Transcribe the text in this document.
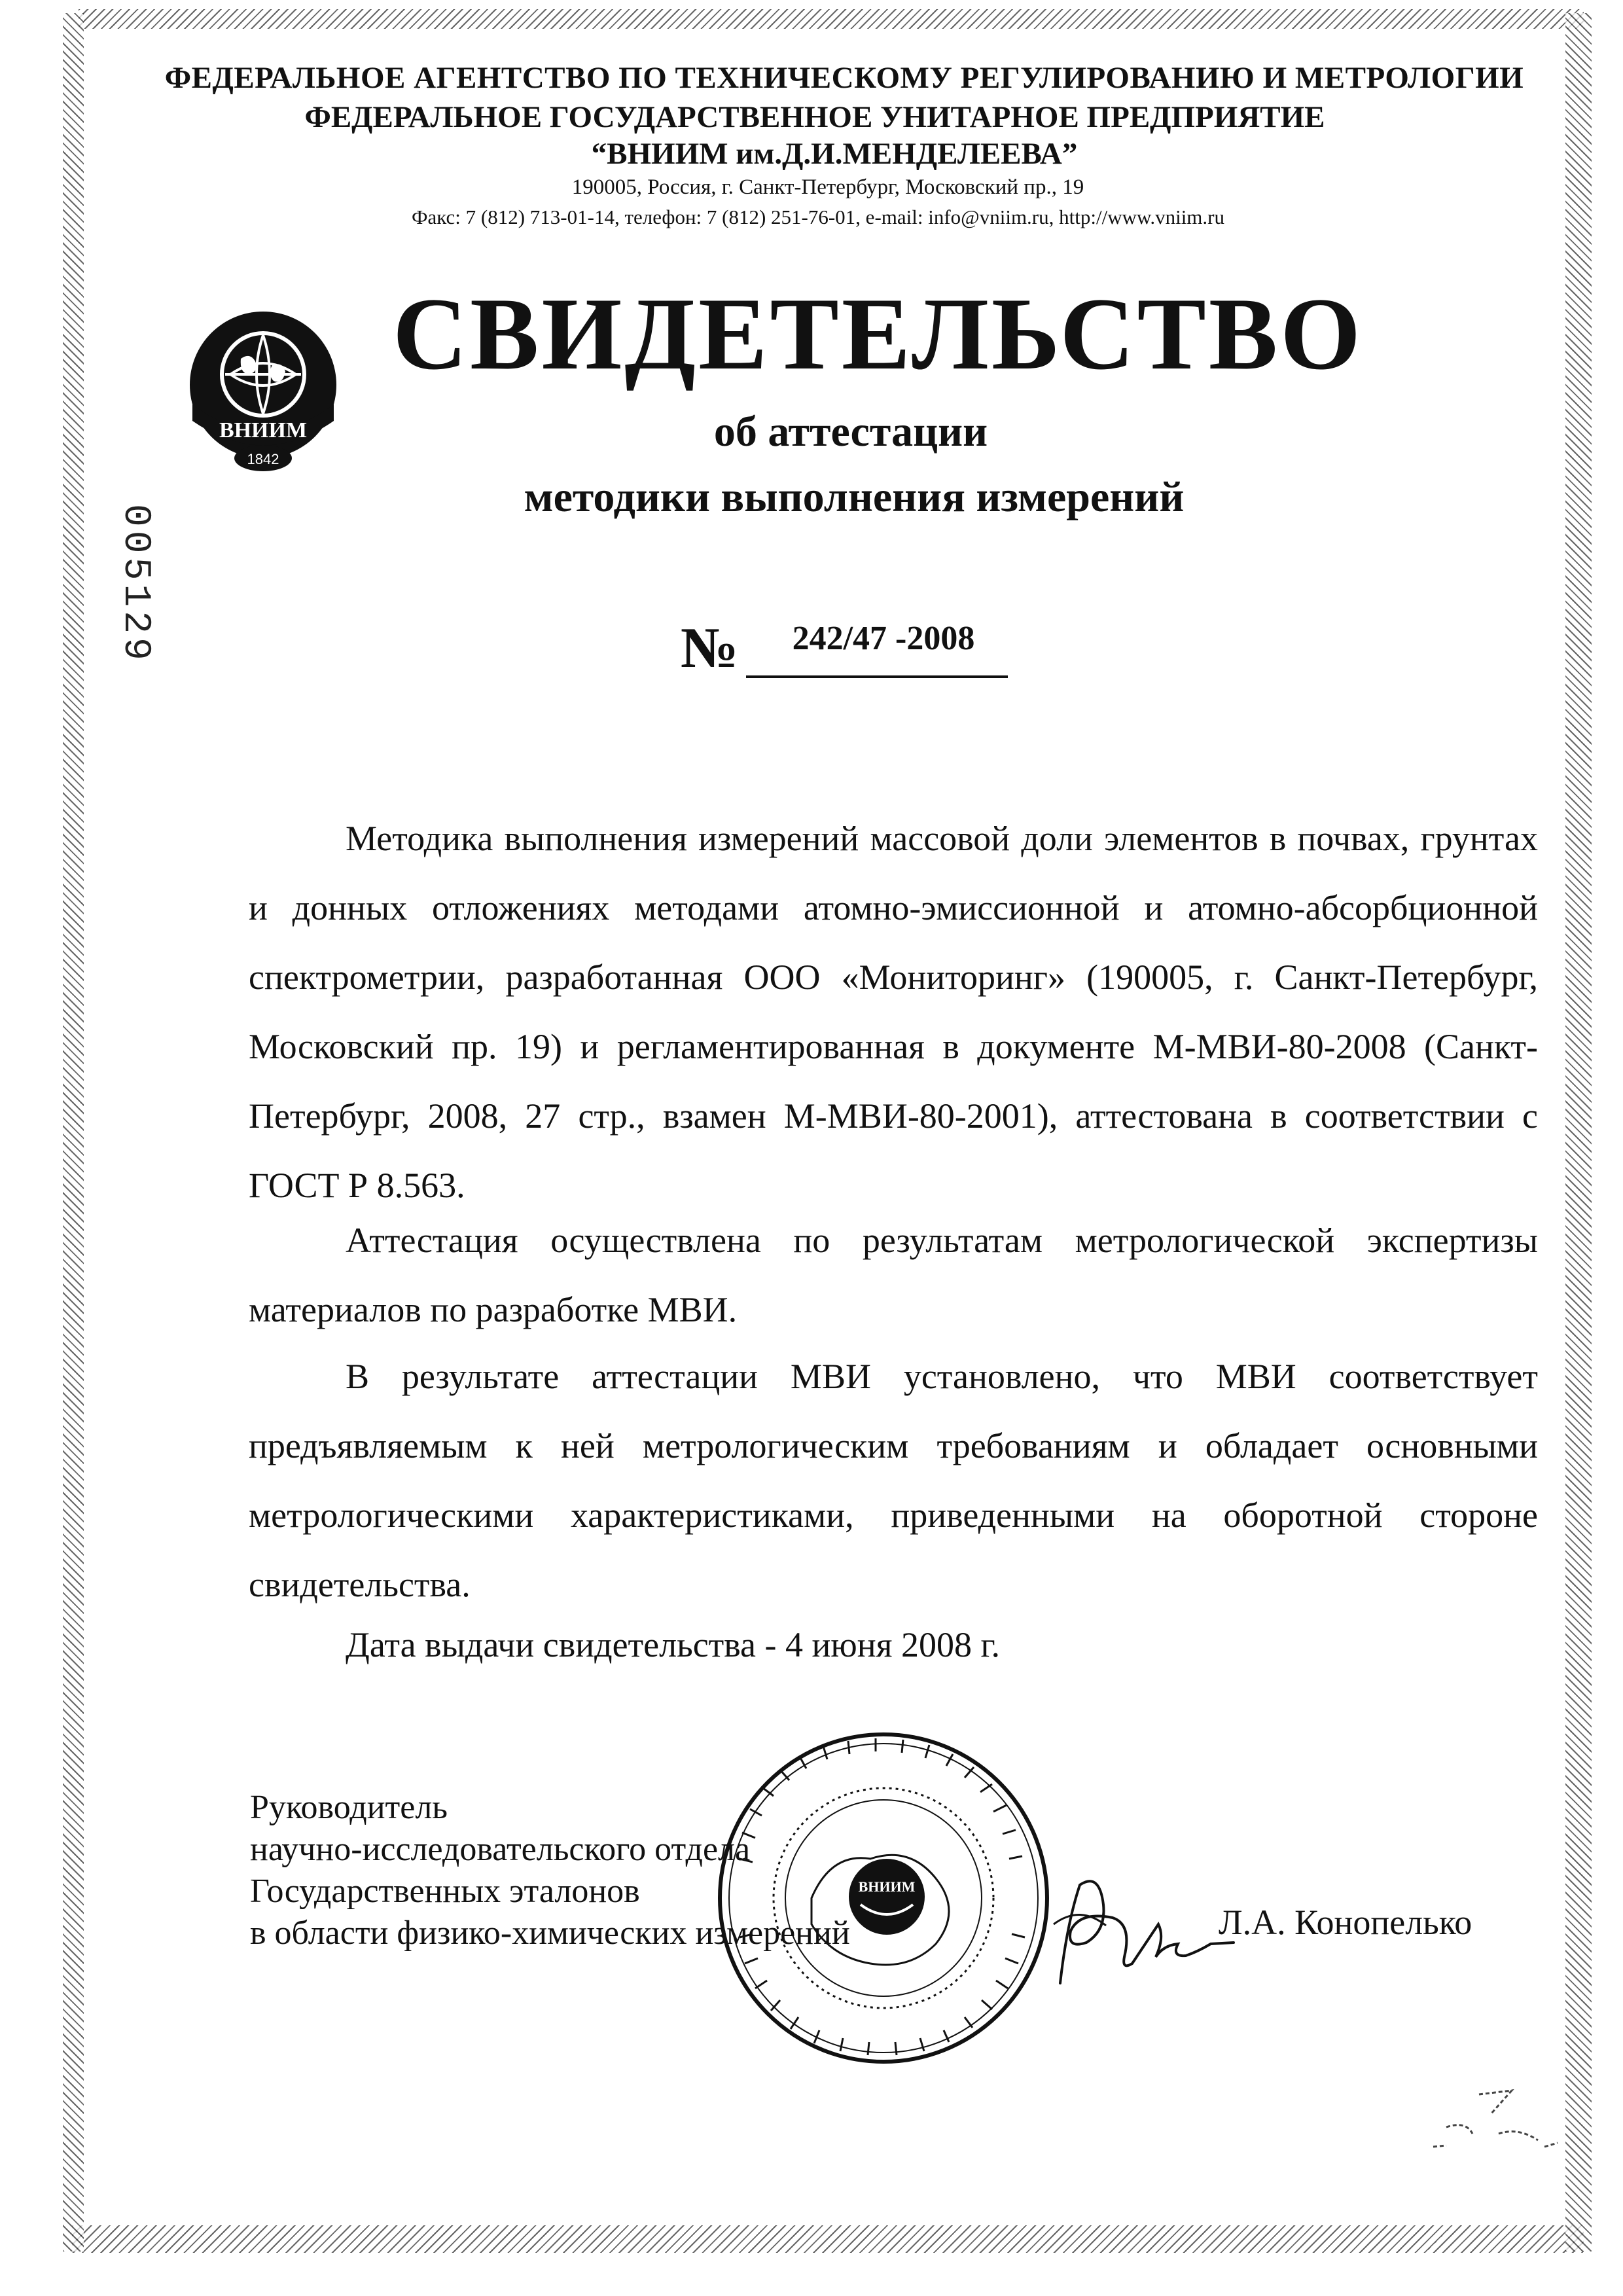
ФЕДЕРАЛЬНОЕ АГЕНТСТВО ПО ТЕХНИЧЕСКОМУ РЕГУЛИРОВАНИЮ И МЕТРОЛОГИИ
ФЕДЕРАЛЬНОЕ ГОСУДАРСТВЕННОЕ УНИТАРНОЕ ПРЕДПРИЯТИЕ
“ВНИИМ им.Д.И.МЕНДЕЛЕЕВА”
190005, Россия, г. Санкт-Петербург, Московский пр., 19
Факс: 7 (812) 713-01-14, телефон: 7 (812) 251-76-01, e-mail: info@vniim.ru, http://www.vniim.ru
ВНИИМ
1842
СВИДЕТЕЛЬСТВО
об аттестации
методики выполнения измерений
005129	№	242/47 -2008
Методика выполнения измерений массовой доли элементов в почвах, грунтах и донных отложениях методами атомно-эмиссионной и атомно-абсорбционной спектрометрии, разработанная ООО «Мониторинг» (190005, г. Санкт-Петербург, Московский пр. 19) и регламентированная в документе М-МВИ-80-2008 (Санкт-Петербург, 2008, 27 стр., взамен М-МВИ-80-2001), аттестована в соответствии с ГОСТ Р 8.563.
Аттестация осуществлена по результатам метрологической экспертизы материалов по разработке МВИ.
В результате аттестации МВИ установлено, что МВИ соответствует предъявляемым к ней метрологическим требованиям и обладает основными метрологическими характеристиками, приведенными на оборотной стороне свидетельства.
Дата выдачи свидетельства - 4 июня 2008 г.
Руководитель
научно-исследовательского отдела
Государственных эталонов
в области физико-химических измерений
ВНИИМ
Л.А. Конопелько
